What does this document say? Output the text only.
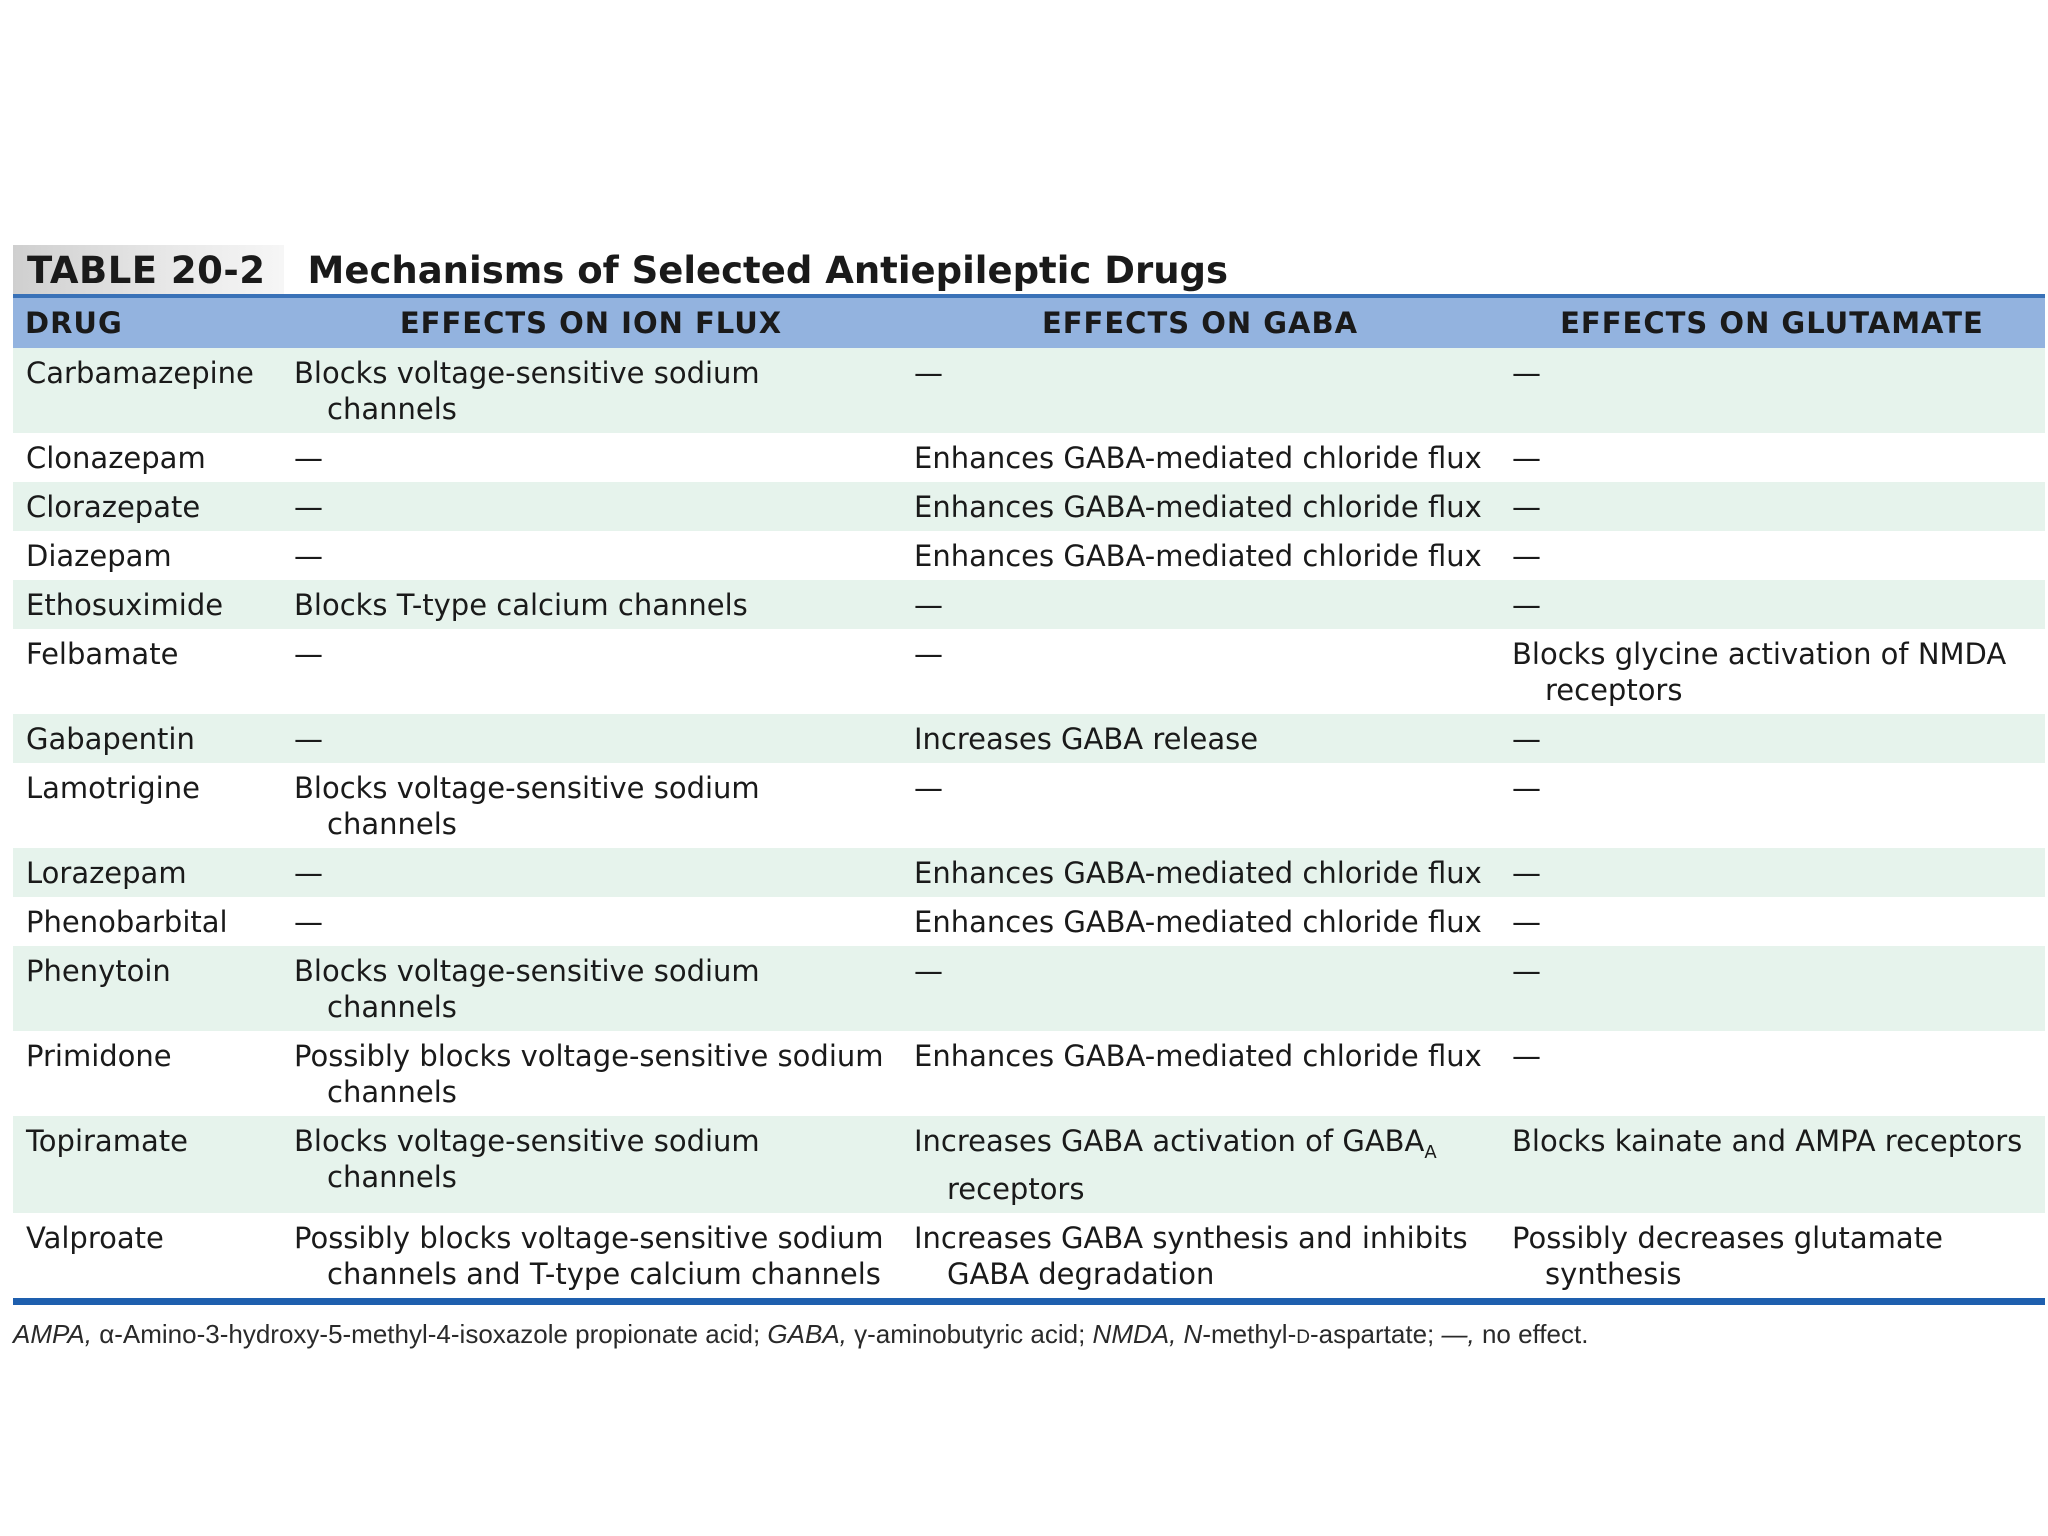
TABLE 20-2	Mechanisms of Selected Antiepileptic Drugs
DRUG	EFFECTS ON ION FLUX	EFFECTS ON GABA	EFFECTS ON GLUTAMATE
Carbamazepine	Blocks voltage-sensitive sodium channels	—	—
Clonazepam	—	Enhances GABA-mediated chloride flux	—
Clorazepate	—	Enhances GABA-mediated chloride flux	—
Diazepam	—	Enhances GABA-mediated chloride flux	—
Ethosuximide	Blocks T-type calcium channels	—	—
Felbamate	—	—	Blocks glycine activation of NMDA receptors
Gabapentin	—	Increases GABA release	—
Lamotrigine	Blocks voltage-sensitive sodium channels	—	—
Lorazepam	—	Enhances GABA-mediated chloride flux	—
Phenobarbital	—	Enhances GABA-mediated chloride flux	—
Phenytoin	Blocks voltage-sensitive sodium channels	—	—
Primidone	Possibly blocks voltage-sensitive sodium channels	Enhances GABA-mediated chloride flux	—
Topiramate	Blocks voltage-sensitive sodium channels	Increases GABA activation of $GABA_A$ receptors	Blocks kainate and AMPA receptors
Valproate	Possibly blocks voltage-sensitive sodium channels and T-type calcium channels	Increases GABA synthesis and inhibits GABA degradation	Possibly decreases glutamate synthesis
AMPA, α-Amino-3-hydroxy-5-methyl-4-isoxazole propionate acid; GABA, γ-aminobutyric acid; NMDA, N-methyl-D-aspartate; —, no effect.
